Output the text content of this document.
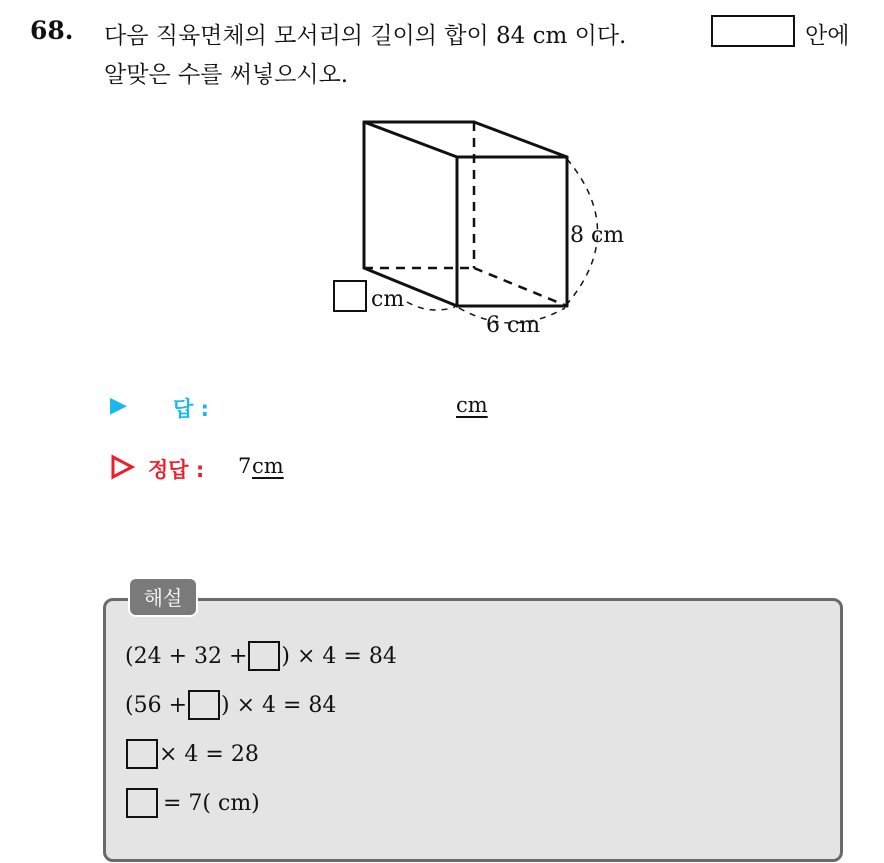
68. 다음 직육면체의 모서리의 길이의 합이 84 cm 이다.	안에
알맞은 수를 써넣으시오.
cm
8 cm
6 cm
▶ 답 :	cm
정답 : 7 cm
해설
(24 + 32 + ) × 4 = 84
(56 + ) × 4 = 84
× 4 = 28
= 7( cm)
